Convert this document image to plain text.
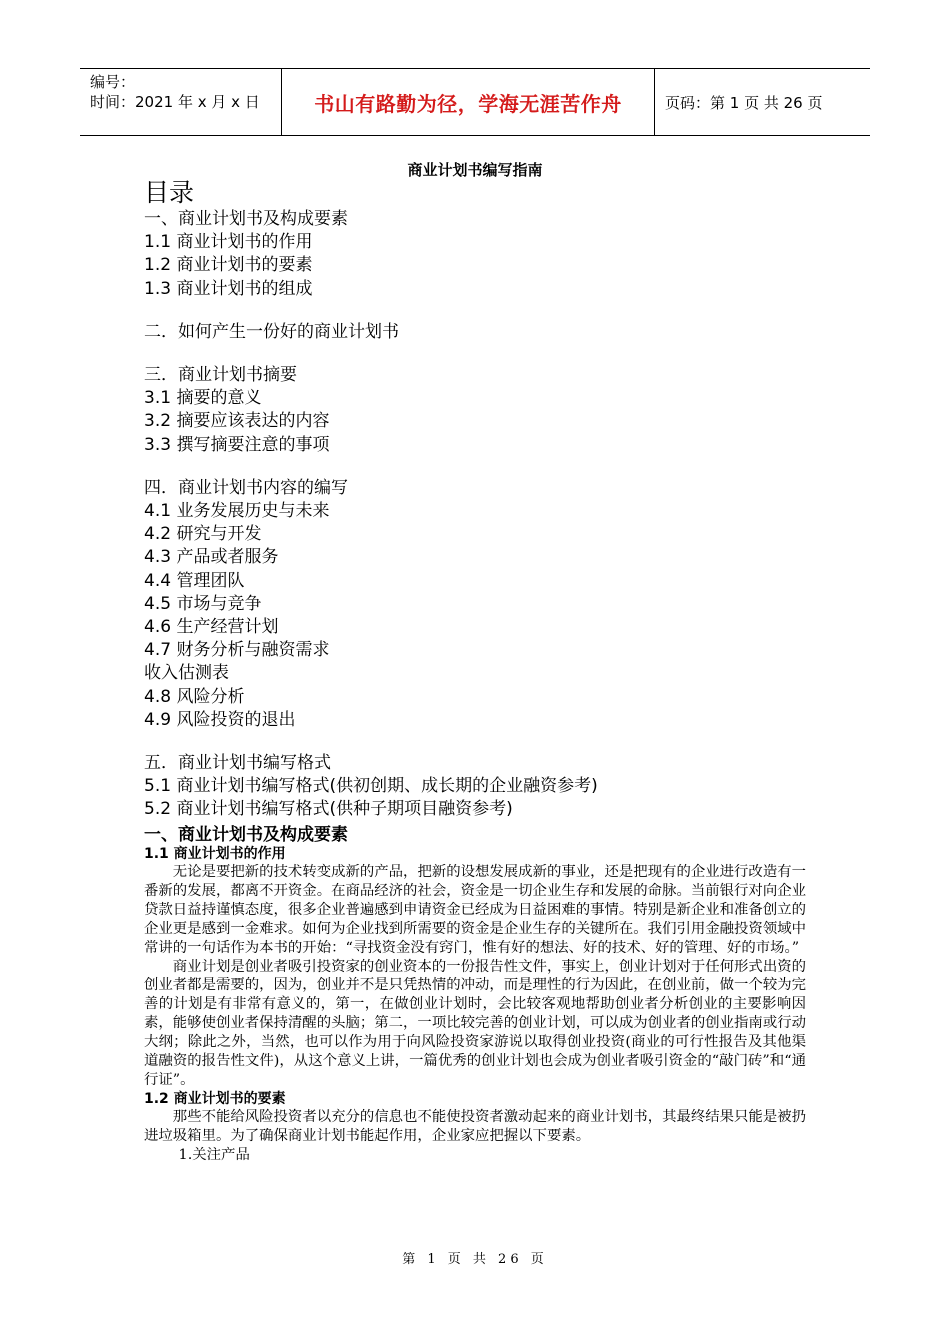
编号：
时间：2021 年 x 月 x 日	书山有路勤为径，学海无涯苦作舟	页码：第 1 页 共 26 页
商业计划书编写指南
目录
一、商业计划书及构成要素
1.1 商业计划书的作用
1.2 商业计划书的要素
1.3 商业计划书的组成
二．如何产生一份好的商业计划书
三．商业计划书摘要
3.1 摘要的意义
3.2 摘要应该表达的内容
3.3 撰写摘要注意的事项
四．商业计划书内容的编写
4.1 业务发展历史与未来
4.2 研究与开发
4.3 产品或者服务
4.4 管理团队
4.5 市场与竞争
4.6 生产经营计划
4.7 财务分析与融资需求
收入估测表
4.8 风险分析
4.9 风险投资的退出
五．商业计划书编写格式
5.1 商业计划书编写格式(供初创期、成长期的企业融资参考)
5.2 商业计划书编写格式(供种子期项目融资参考)
一、商业计划书及构成要素
1.1 商业计划书的作用

无论是要把新的技术转变成新的产品，把新的设想发展成新的事业，还是把现有的企业进行改造有一番新的发展，都离不开资金。在商品经济的社会，资金是一切企业生存和发展的命脉。当前银行对向企业贷款日益持谨慎态度，很多企业普遍感到申请资金已经成为日益困难的事情。特别是新企业和准备创立的企业更是感到一金难求。如何为企业找到所需要的资金是企业生存的关键所在。我们引用金融投资领域中常讲的一句话作为本书的开始：“寻找资金没有窍门，惟有好的想法、好的技术、好的管理、好的市场。”

商业计划是创业者吸引投资家的创业资本的一份报告性文件，事实上，创业计划对于任何形式出资的创业者都是需要的，因为，创业并不是只凭热情的冲动，而是理性的行为因此，在创业前，做一个较为完善的计划是有非常有意义的，第一，在做创业计划时，会比较客观地帮助创业者分析创业的主要影响因素，能够使创业者保持清醒的头脑；第二，一项比较完善的创业计划，可以成为创业者的创业指南或行动大纲；除此之外，当然，也可以作为用于向风险投资家游说以取得创业投资(商业的可行性报告及其他渠道融资的报告性文件)，从这个意义上讲，一篇优秀的创业计划也会成为创业者吸引资金的“敲门砖”和“通行证”。

1.2 商业计划书的要素

那些不能给风险投资者以充分的信息也不能使投资者激动起来的商业计划书，其最终结果只能是被扔进垃圾箱里。为了确保商业计划书能起作用，企业家应把握以下要素。

1.关注产品
第 1 页 共 26 页
